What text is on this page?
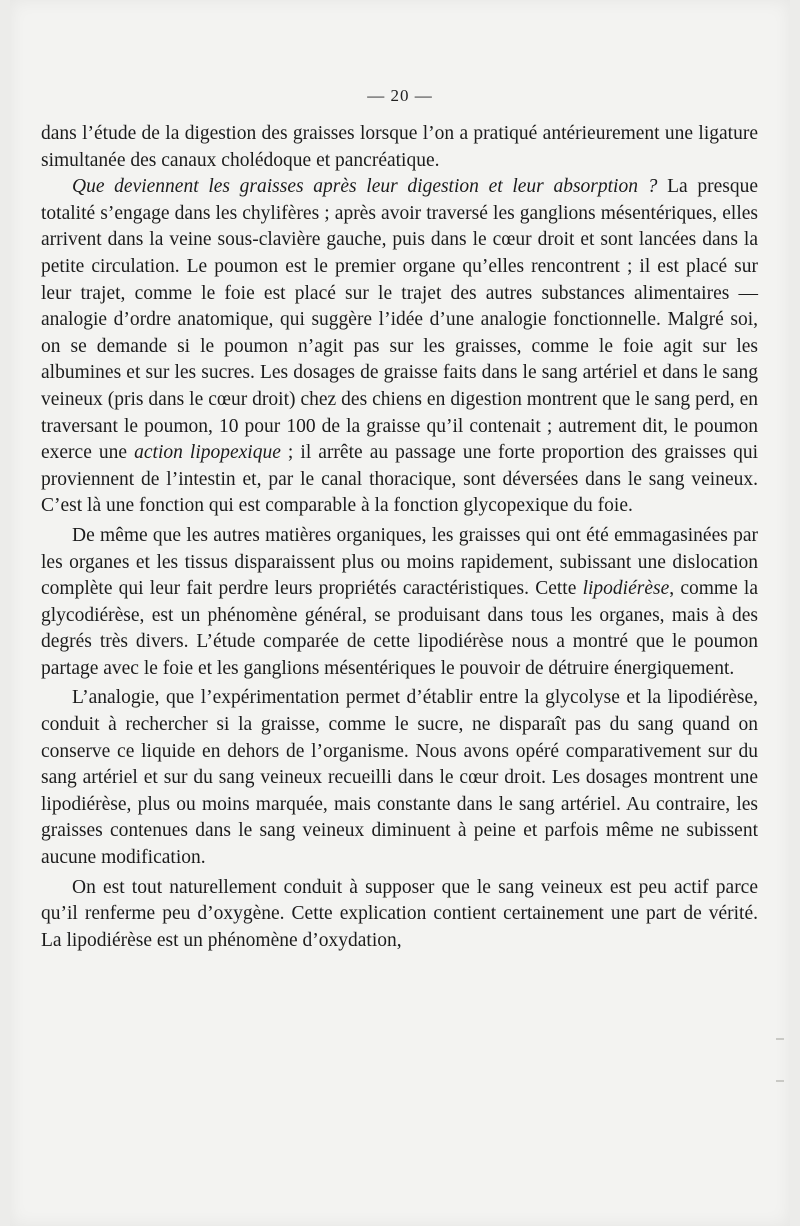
— 20 —

dans l’étude de la digestion des graisses lorsque l’on a pratiqué antérieurement une ligature simultanée des canaux cholédoque et pancréatique.

Que deviennent les graisses après leur digestion et leur absorption ? La presque totalité s’engage dans les chylifères ; après avoir traversé les ganglions mésentériques, elles arrivent dans la veine sous-clavière gauche, puis dans le cœur droit et sont lancées dans la petite circulation. Le poumon est le premier organe qu’elles rencontrent ; il est placé sur leur trajet, comme le foie est placé sur le trajet des autres substances alimentaires — analogie d’ordre anatomique, qui suggère l’idée d’une analogie fonctionnelle. Malgré soi, on se demande si le poumon n’agit pas sur les graisses, comme le foie agit sur les albumines et sur les sucres. Les dosages de graisse faits dans le sang artériel et dans le sang veineux (pris dans le cœur droit) chez des chiens en digestion montrent que le sang perd, en traversant le poumon, 10 pour 100 de la graisse qu’il contenait ; autrement dit, le poumon exerce une action lipopexique ; il arrête au passage une forte proportion des graisses qui proviennent de l’intestin et, par le canal thoracique, sont déversées dans le sang veineux. C’est là une fonction qui est comparable à la fonction glycopexique du foie.

De même que les autres matières organiques, les graisses qui ont été emmagasinées par les organes et les tissus disparaissent plus ou moins rapidement, subissant une dislocation complète qui leur fait perdre leurs propriétés caractéristiques. Cette lipodiérèse, comme la glycodiérèse, est un phénomène général, se produisant dans tous les organes, mais à des degrés très divers. L’étude comparée de cette lipodiérèse nous a montré que le poumon partage avec le foie et les ganglions mésentériques le pouvoir de détruire énergiquement.

L’analogie, que l’expérimentation permet d’établir entre la glycolyse et la lipodiérèse, conduit à rechercher si la graisse, comme le sucre, ne disparaît pas du sang quand on conserve ce liquide en dehors de l’organisme. Nous avons opéré comparativement sur du sang artériel et sur du sang veineux recueilli dans le cœur droit. Les dosages montrent une lipodiérèse, plus ou moins marquée, mais constante dans le sang artériel. Au contraire, les graisses contenues dans le sang veineux diminuent à peine et parfois même ne subissent aucune modification.

On est tout naturellement conduit à supposer que le sang veineux est peu actif parce qu’il renferme peu d’oxygène. Cette explication contient certainement une part de vérité. La lipodiérèse est un phénomène d’oxydation,
